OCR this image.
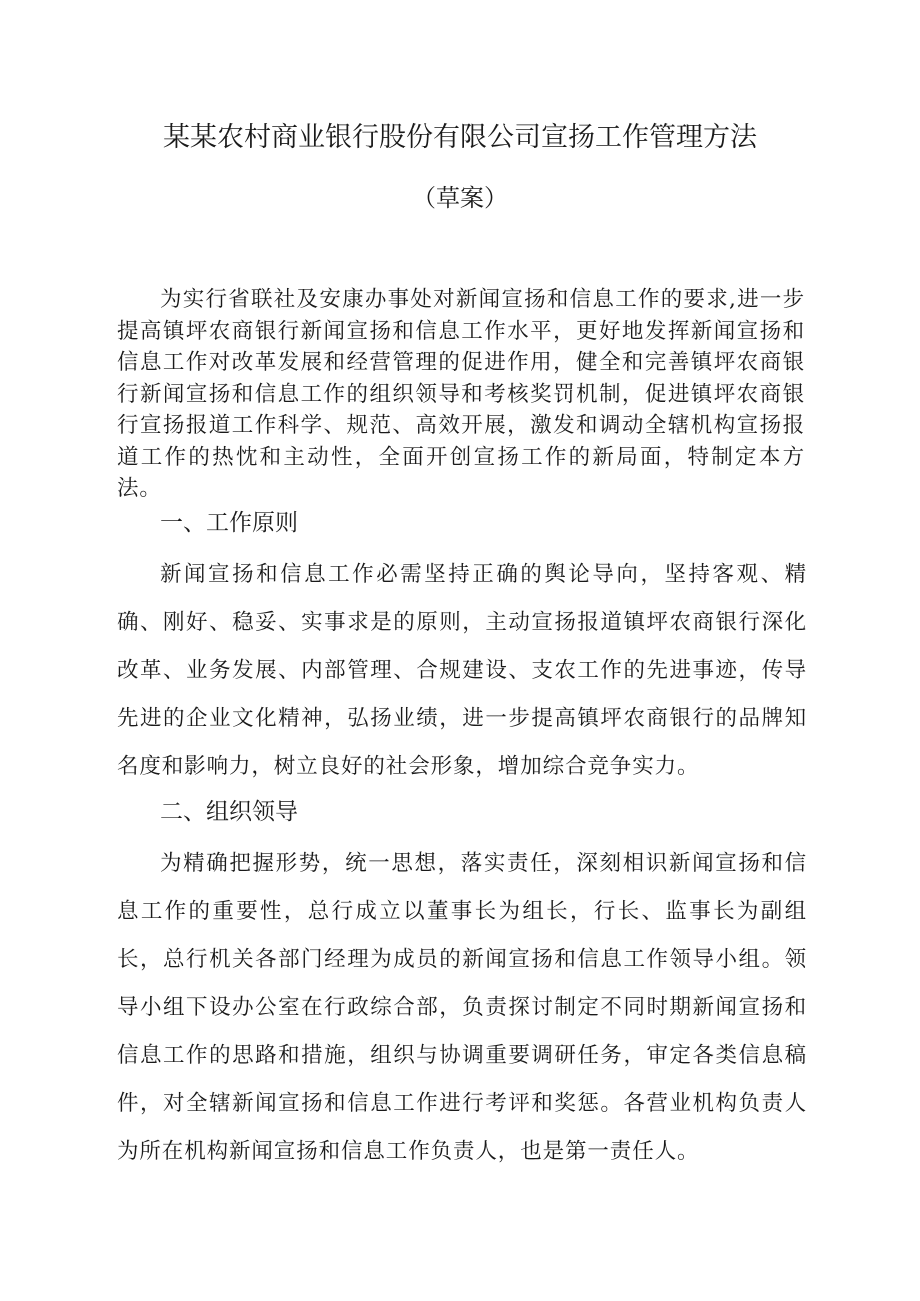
某某农村商业银行股份有限公司宣扬工作管理方法
（草案）

为实行省联社及安康办事处对新闻宣扬和信息工作的要求,进一步提高镇坪农商银行新闻宣扬和信息工作水平，更好地发挥新闻宣扬和信息工作对改革发展和经营管理的促进作用，健全和完善镇坪农商银行新闻宣扬和信息工作的组织领导和考核奖罚机制，促进镇坪农商银行宣扬报道工作科学、规范、高效开展，激发和调动全辖机构宣扬报道工作的热忱和主动性，全面开创宣扬工作的新局面，特制定本方法。

一、工作原则

新闻宣扬和信息工作必需坚持正确的舆论导向，坚持客观、精确、刚好、稳妥、实事求是的原则，主动宣扬报道镇坪农商银行深化改革、业务发展、内部管理、合规建设、支农工作的先进事迹，传导先进的企业文化精神，弘扬业绩，进一步提高镇坪农商银行的品牌知名度和影响力，树立良好的社会形象，增加综合竞争实力。

二、组织领导

为精确把握形势，统一思想，落实责任，深刻相识新闻宣扬和信息工作的重要性，总行成立以董事长为组长，行长、监事长为副组长，总行机关各部门经理为成员的新闻宣扬和信息工作领导小组。领导小组下设办公室在行政综合部，负责探讨制定不同时期新闻宣扬和信息工作的思路和措施，组织与协调重要调研任务，审定各类信息稿件，对全辖新闻宣扬和信息工作进行考评和奖惩。各营业机构负责人为所在机构新闻宣扬和信息工作负责人，也是第一责任人。
